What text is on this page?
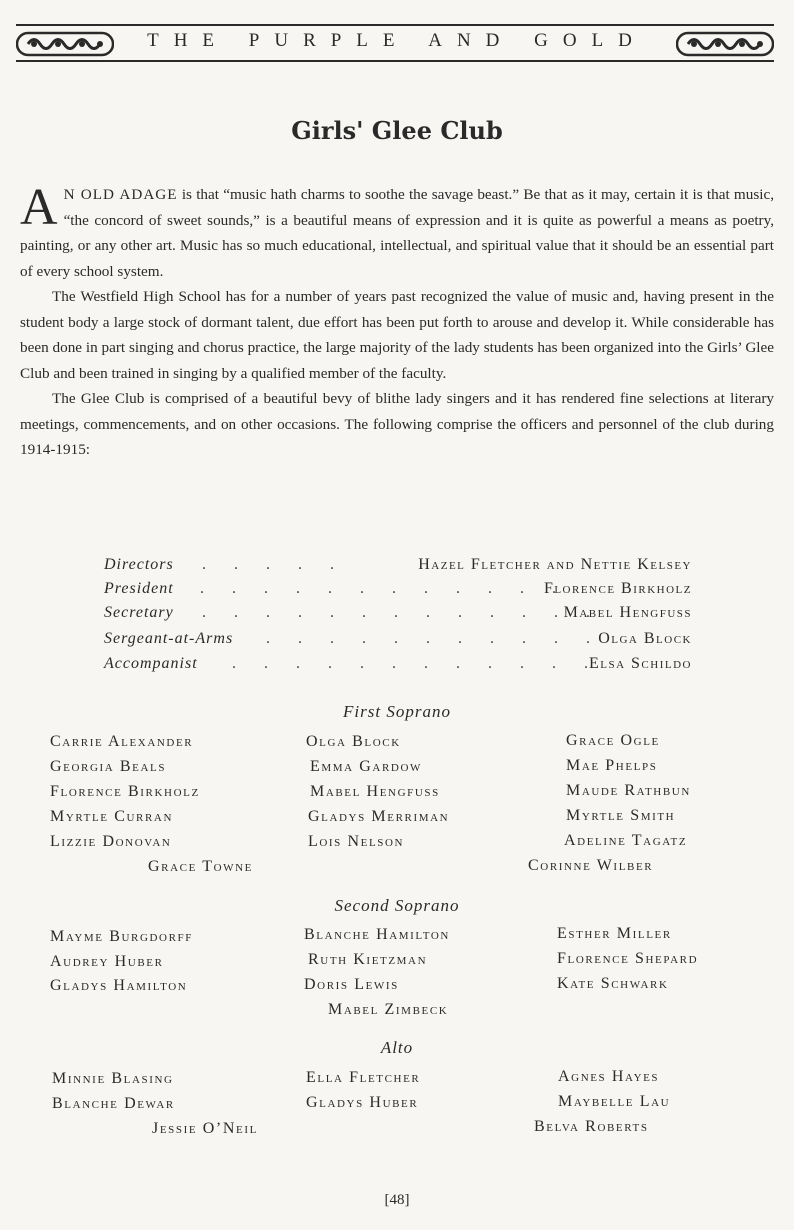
THE PURPLE AND GOLD
Girls' Glee Club

A N OLD ADAGE is that “music hath charms to soothe the savage beast.” Be that as it may, certain it is that music, “the concord of sweet sounds,” is a beautiful means of expression and it is quite as powerful a means as poetry, painting, or any other art. Music has so much educational, intellectual, and spiritual value that it should be an essential part of every school system.

The Westfield High School has for a number of years past recognized the value of music and, having present in the student body a large stock of dormant talent, due effort has been put forth to arouse and develop it. While considerable has been done in part singing and chorus practice, the large majority of the lady students has been organized into the Girls’ Glee Club and been trained in singing by a qualified member of the faculty.

The Glee Club is comprised of a beautiful bevy of blithe lady singers and it has rendered fine selections at literary meetings, commencements, and on other occasions. The following comprise the officers and personnel of the club during 1914-1915:

Directors . . . . .	Hazel Fletcher and Nettie Kelsey
President . . . . . . . . . . . .
Florence Birkholz
Secretary . . . . . . . . . . . . .
Mabel Hengfuss
Sergeant-at-Arms . . . . . . . . . . .
Olga Block
Accompanist . . . . . . . . . . . .
Elsa Schildo
First Soprano
Carrie Alexander
Georgia Beals
Florence Birkholz
Myrtle Curran
Lizzie Donovan
Grace Towne
Olga Block
Emma Gardow
Mabel Hengfuss
Gladys Merriman
Lois Nelson
Grace Ogle
Mae Phelps
Maude Rathbun
Myrtle Smith
Adeline Tagatz
Corinne Wilber
Second Soprano
Mayme Burgdorff
Audrey Huber
Gladys Hamilton
Blanche Hamilton
Ruth Kietzman
Doris Lewis
Mabel Zimbeck
Esther Miller
Florence Shepard
Kate Schwark
Alto
Minnie Blasing
Blanche Dewar
Jessie O’Neil
Ella Fletcher
Gladys Huber
Agnes Hayes
Maybelle Lau
Belva Roberts
[48]
